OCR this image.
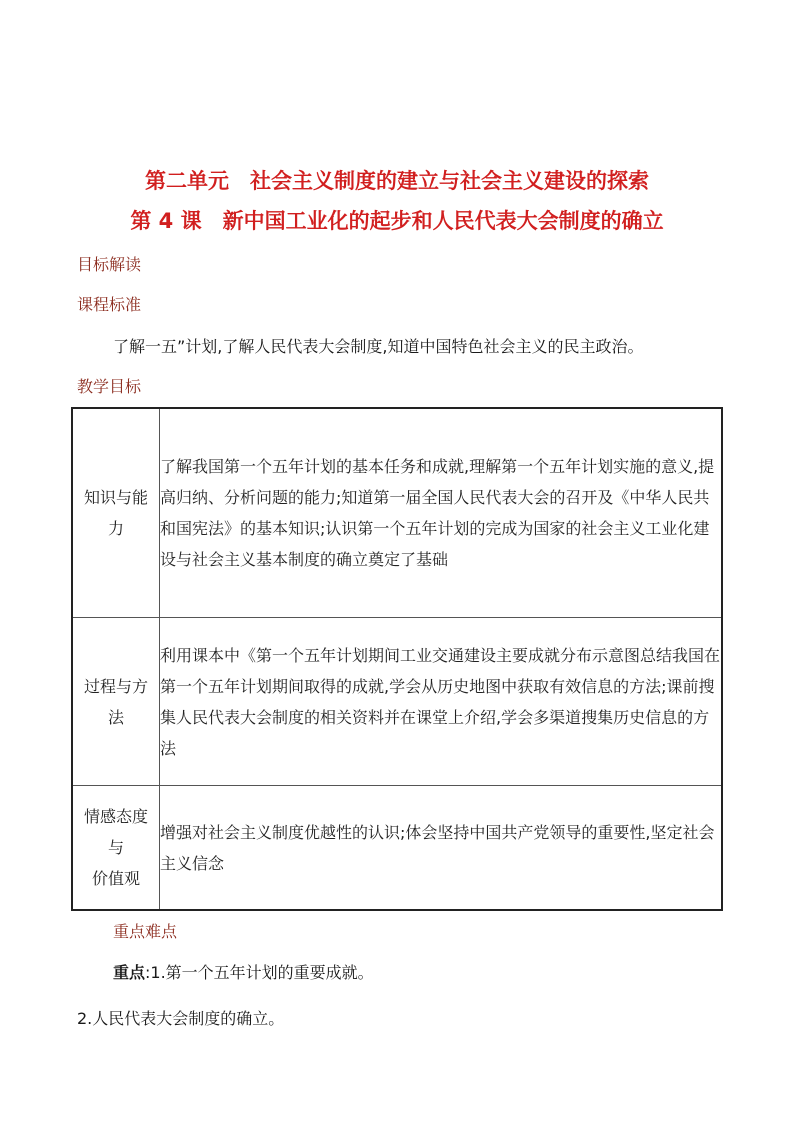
第二单元　社会主义制度的建立与社会主义建设的探索
第 4 课　新中国工业化的起步和人民代表大会制度的确立
目标解读
课程标准
了解一五”计划,了解人民代表大会制度,知道中国特色社会主义的民主政治。
教学目标
知识与能
力	了解我国第一个五年计划的基本任务和成就,理解第一个五年计划实施的意义,提高归纳、分析问题的能力;知道第一届全国人民代表大会的召开及《中华人民共和国宪法》的基本知识;认识第一个五年计划的完成为国家的社会主义工业化建设与社会主义基本制度的确立奠定了基础

过程与方
法	利用课本中《第一个五年计划期间工业交通建设主要成就分布示意图总结我国在第一个五年计划期间取得的成就,学会从历史地图中获取有效信息的方法;课前搜集人民代表大会制度的相关资料并在课堂上介绍,学会多渠道搜集历史信息的方法

情感态度
与
价值观	增强对社会主义制度优越性的认识;体会坚持中国共产党领导的重要性,坚定社会主义信念
重点难点
重点:1.第一个五年计划的重要成就。
2.人民代表大会制度的确立。
